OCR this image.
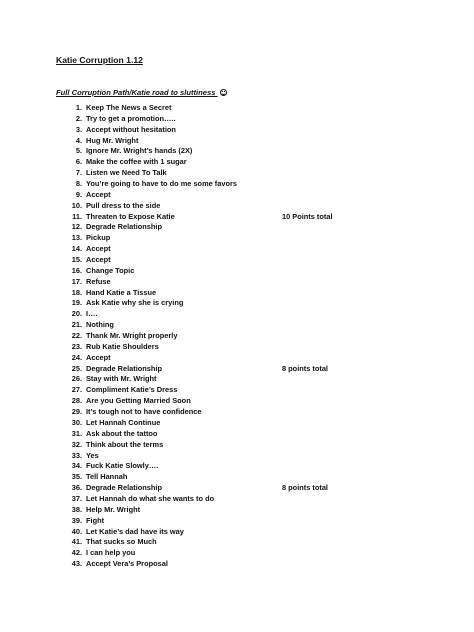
Katie Corruption 1.12
Full Corruption Path/Katie road to sluttiness
1. Keep The News a Secret
2. Try to get a promotion…..
3. Accept without hesitation
4. Hug Mr. Wright
5. Ignore Mr. Wright’s hands (2X)
6. Make the coffee with 1 sugar
7. Listen we Need To Talk
8. You’re going to have to do me some favors
9. Accept
10. Pull dress to the side
11. Threaten to Expose Katie	10 Points total
12. Degrade Relationship
13. Pickup
14. Accept
15. Accept
16. Change Topic
17. Refuse
18. Hand Katie a Tissue
19. Ask Katie why she is crying
20. I….
21. Nothing
22. Thank Mr. Wright properly
23. Rub Katie Shoulders
24. Accept
25. Degrade Relationship	8 points total
26. Stay with Mr. Wright
27. Compliment Katie’s Dress
28. Are you Getting Married Soon
29. It’s tough not to have confidence
30. Let Hannah Continue
31. Ask about the tattoo
32. Think about the terms
33. Yes
34. Fuck Katie Slowly….
35. Tell Hannah
36. Degrade Relationship	8 points total
37. Let Hannah do what she wants to do
38. Help Mr. Wright
39. Fight
40. Let Katie’s dad have its way
41. That sucks so Much
42. I can help you
43. Accept Vera’s Proposal
